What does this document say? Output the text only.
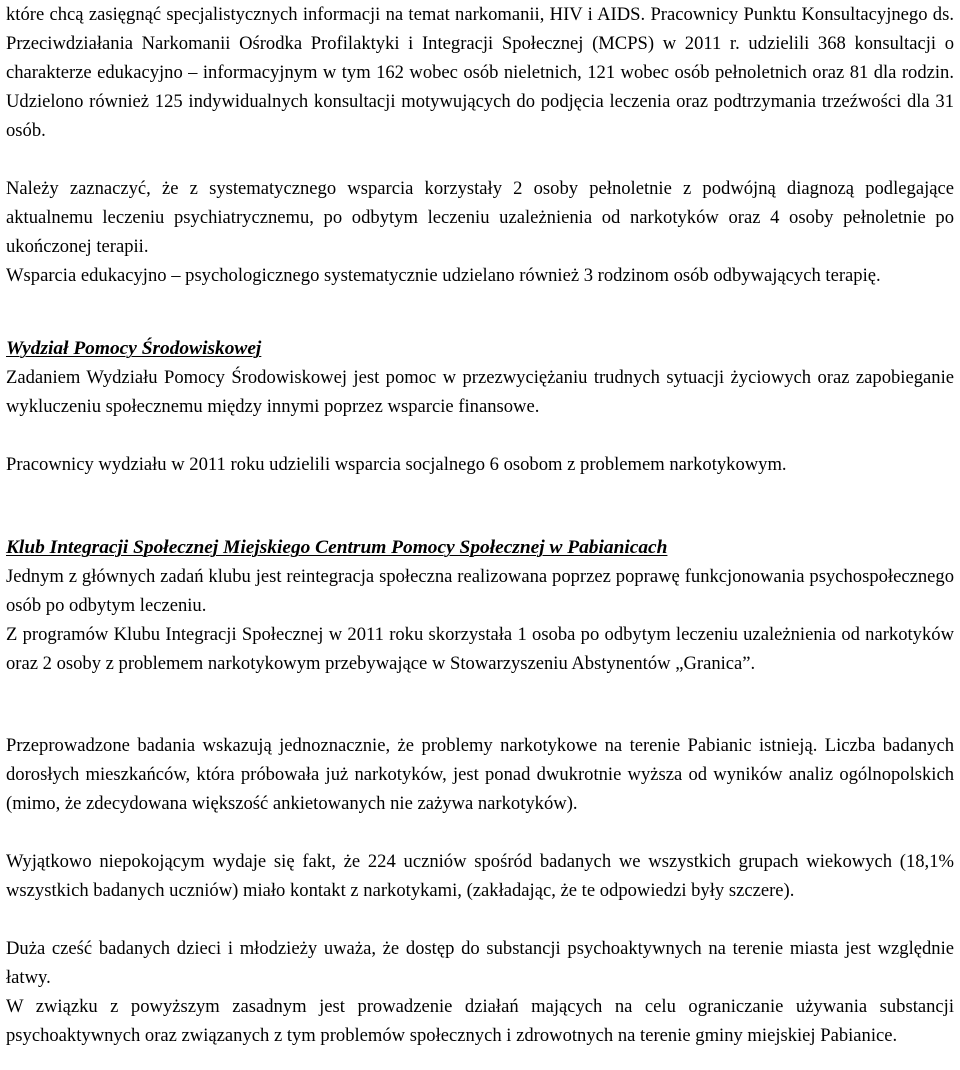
które chcą zasięgnąć specjalistycznych informacji na temat narkomanii, HIV i AIDS. Pracownicy Punktu Konsultacyjnego ds. Przeciwdziałania Narkomanii Ośrodka Profilaktyki i Integracji Społecznej (MCPS) w 2011 r. udzielili 368 konsultacji o charakterze edukacyjno – informacyjnym w tym 162 wobec osób nieletnich, 121 wobec osób pełnoletnich oraz 81 dla rodzin. Udzielono również 125 indywidualnych konsultacji motywujących do podjęcia leczenia oraz podtrzymania trzeźwości dla 31 osób.
Należy zaznaczyć, że z systematycznego wsparcia korzystały 2 osoby pełnoletnie z podwójną diagnozą podlegające aktualnemu leczeniu psychiatrycznemu, po odbytym leczeniu uzależnienia od narkotyków oraz 4 osoby pełnoletnie po ukończonej terapii.
Wsparcia edukacyjno – psychologicznego systematycznie udzielano również 3 rodzinom osób odbywających terapię.
Wydział Pomocy Środowiskowej
Zadaniem Wydziału Pomocy Środowiskowej jest pomoc w przezwyciężaniu trudnych sytuacji życiowych oraz zapobieganie wykluczeniu społecznemu między innymi poprzez wsparcie finansowe.
Pracownicy wydziału w 2011 roku udzielili wsparcia socjalnego 6 osobom z problemem narkotykowym.
Klub Integracji Społecznej Miejskiego Centrum Pomocy Społecznej w Pabianicach
Jednym z głównych zadań klubu jest reintegracja społeczna realizowana poprzez poprawę funkcjonowania psychospołecznego osób po odbytym leczeniu.
Z programów Klubu Integracji Społecznej w 2011 roku skorzystała 1 osoba po odbytym leczeniu uzależnienia od narkotyków oraz 2 osoby z problemem narkotykowym przebywające w Stowarzyszeniu Abstynentów „Granica”.
Przeprowadzone badania wskazują jednoznacznie, że problemy narkotykowe na terenie Pabianic istnieją. Liczba badanych dorosłych mieszkańców, która próbowała już narkotyków, jest ponad dwukrotnie wyższa od wyników analiz ogólnopolskich (mimo, że zdecydowana większość ankietowanych nie zażywa narkotyków).
Wyjątkowo niepokojącym wydaje się fakt, że 224 uczniów spośród badanych we wszystkich grupach wiekowych (18,1% wszystkich badanych uczniów) miało kontakt z narkotykami, (zakładając, że te odpowiedzi były szczere).
Duża cześć badanych dzieci i młodzieży uważa, że dostęp do substancji psychoaktywnych na terenie miasta jest względnie łatwy.
W związku z powyższym zasadnym jest prowadzenie działań mających na celu ograniczanie używania substancji psychoaktywnych oraz związanych z tym problemów społecznych i zdrowotnych na terenie gminy miejskiej Pabianice.
